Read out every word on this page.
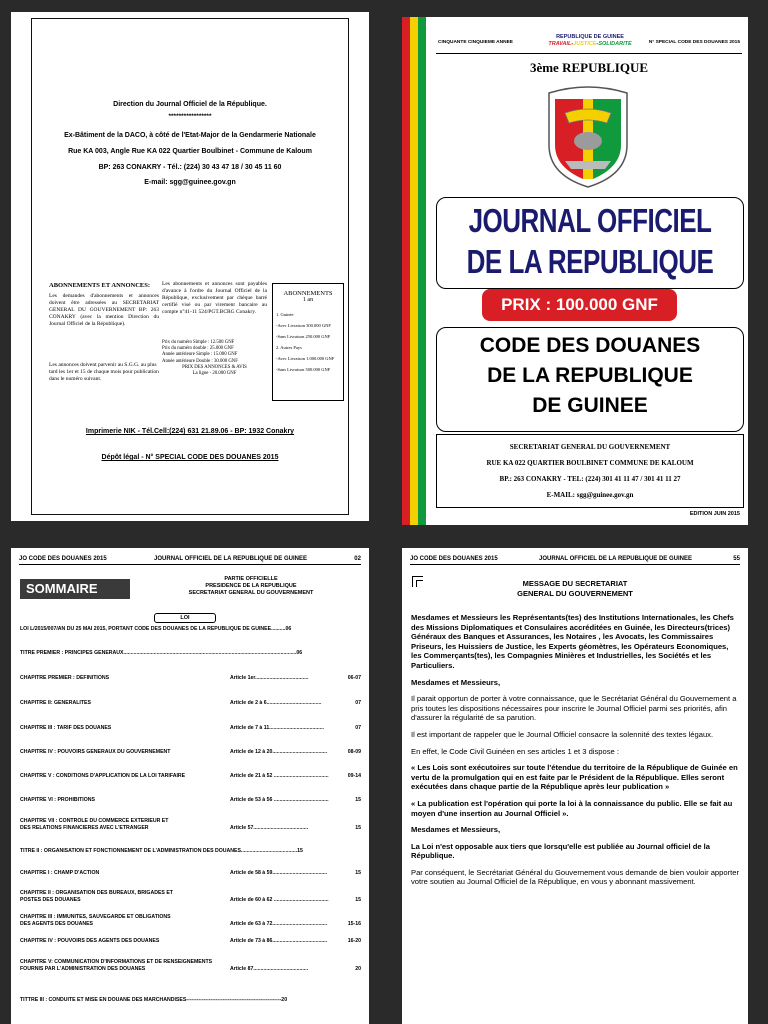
Direction du Journal Officiel de la République.
*****************
Ex-Bâtiment de la DACO, à côté de l'Etat-Major de la Gendarmerie Nationale
Rue KA 003, Angle Rue KA 022 Quartier Boulbinet - Commune de Kaloum
BP: 263 CONAKRY - Tél.: (224) 30 43 47 18 / 30 45 11 60
E-mail: sgg@guinee.gov.gn
ABONNEMENTS ET ANNONCES:
Les demandes d'abonnements et annonces doivent être adressées au SECRETARIAT GENERAL DU GOUVERNEMENT BP: 263 CONAKRY (avec la mention Direction du Journal Officiel de la République).
Les annonces doivent parvenir au S.G.G. au plus tard les 1er et 15 de chaque mois pour publication dans le numéro suivant.
Les abonnements et annonces sont payables d'avance à l'ordre du Journal Officiel de la République, exclusivement par chèque barré certifié visé ou par virement bancaire au compte n°41-11 524/PGT.BCRG Conakry.
Prix du numéro Simple : 12.500 GNF
Prix du numéro double : 25.000 GNF
Année antérieure Simple : 15.000 GNF
Année antérieure Double : 30.000 GNF
PRIX DES ANNONCES & AVIS
La ligne - 20.000 GNF
ABONNEMENTS
1 an
1. Guinée
-Avec Livraison 300.000 GNF
-Sans Livraison 250.000 GNF
2. Autres Pays
-Avec Livraison 1.000.000 GNF
-Sans Livraison 500.000 GNF
Imprimerie NIK - Tél.Cell:(224) 631 21.89.06 - BP: 1932 Conakry
Dépôt légal - N° SPECIAL CODE DES DOUANES 2015
CINQUANTE CINQUIEME ANNEE
REPUBLIQUE DE GUINEE
TRAVAIL-JUSTICE-SOLIDARITE	N° SPECIAL CODE DES DOUANES 2015
3ème REPUBLIQUE
JOURNAL OFFICIEL
DE LA REPUBLIQUE
PRIX : 100.000 GNF
CODE DES DOUANES
DE LA REPUBLIQUE
DE GUINEE
SECRETARIAT GENERAL DU GOUVERNEMENT
RUE KA 022 QUARTIER BOULBINET COMMUNE DE KALOUM
BP.: 263 CONAKRY - TEL: (224) 301 41 11 47 / 301 41 11 27
E-MAIL: sgg@guinee.gov.gn
EDITION JUIN 2015
JO CODE DES DOUANES 2015	JOURNAL OFFICIEL DE LA REPUBLIQUE DE GUINEE	02
SOMMAIRE
PARTIE OFFICIELLE
PRESIDENCE DE LA REPUBLIQUE
SECRETARIAT GENERAL DU GOUVERNEMENT
LOI
LOI L/2015/007/AN DU 25 MAI 2015, PORTANT CODE DES DOUANES DE LA REPUBLIQUE DE GUINEE..........06
TITRE PREMIER : PRINCIPES GENERAUX........................................................................................................................06
CHAPITRE PREMIER : DEFINITIONS	Article 1er.....................................	06-07
CHAPITRE II: GENERALITES	Article de 2 à 6......................................	07
CHAPITRE III : TARIF DES DOUANES	Article de 7 à 11......................................	07
CHAPITRE IV : POUVOIRS GENERAUX DU GOUVERNEMENT	Article de 12 à 20......................................	08-09
CHAPITRE V : CONDITIONS D'APPLICATION DE LA LOI TARIFAIRE	Article de 21 à 52 ......................................	09-14
CHAPITRE VI : PROHIBITIONS	Article de 53 à 56 ......................................	15
CHAPITRE VII : CONTROLE DU COMMERCE EXTERIEUR ET
DES RELATIONS FINANCIERES AVEC L'ETRANGER	Article 57......................................	15
TITRE II : ORGANISATION ET FONCTIONNEMENT DE L'ADMINISTRATION DES DOUANES.......................................15
CHAPITRE I : CHAMP D'ACTION	Article de 58 à 59......................................	15
CHAPITRE II : ORGANISATION DES BUREAUX, BRIGADES ET
POSTES DES DOUANES	Article de 60 à 62 ......................................	15
CHAPITRE III : IMMUNITES, SAUVEGARDE ET OBLIGATIONS
DES AGENTS DES DOUANES	Article de 63 à 72......................................	15-16
CHAPITRE IV : POUVOIRS DES AGENTS DES DOUANES	Article de 73 à 86......................................	16-20
CHAPITRE V: COMMUNICATION D'INFORMATIONS ET DE RENSEIGNEMENTS
FOURNIS PAR L'ADMINISTRATION DES DOUANES	Article 87......................................	20
TITTRE III : CONDUITE ET MISE EN DOUANE DES MARCHANDISES-------------------------------------------------------20
JO CODE DES DOUANES 2015	JOURNAL OFFICIEL DE LA REPUBLIQUE DE GUINEE	55
MESSAGE DU SECRETARIAT
GENERAL DU GOUVERNEMENT

Mesdames et Messieurs les Représentants(tes) des Institutions Internationales, les Chefs des Missions Diplomatiques et Consulaires accréditées en Guinée, les Directeurs(trices) Généraux des Banques et Assurances, les Notaires , les Avocats, les Commissaires Priseurs, les Huissiers de Justice, les Experts géomètres, les Opérateurs Economiques, les Commerçants(tes), les Compagnies Minières et Industrielles, les Sociétés et les Particuliers.

Mesdames et Messieurs,

Il parait opportun de porter à votre connaissance, que le Secrétariat Général du Gouvernement a pris toutes les dispositions nécessaires pour inscrire le Journal Officiel parmi ses priorités, afin d'assurer la régularité de sa parution.

Il est important de rappeler que le Journal Officiel consacre la solennité des textes légaux.

En effet, le Code Civil Guinéen en ses articles 1 et 3 dispose :

« Les Lois sont exécutoires sur toute l'étendue du territoire de la République de Guinée en vertu de la promulgation qui en est faite par le Président de la République. Elles seront exécutées dans chaque partie de la République après leur publication »

« La publication est l'opération qui porte la loi à la connaissance du public. Elle se fait au moyen d'une insertion au Journal Officiel ».

Mesdames et Messieurs,

La Loi n'est opposable aux tiers que lorsqu'elle est publiée au Journal officiel de la République.

Par conséquent, le Secrétariat Général du Gouvernement vous demande de bien vouloir apporter votre soutien au Journal Officiel de la République, en vous y abonnant massivement.
